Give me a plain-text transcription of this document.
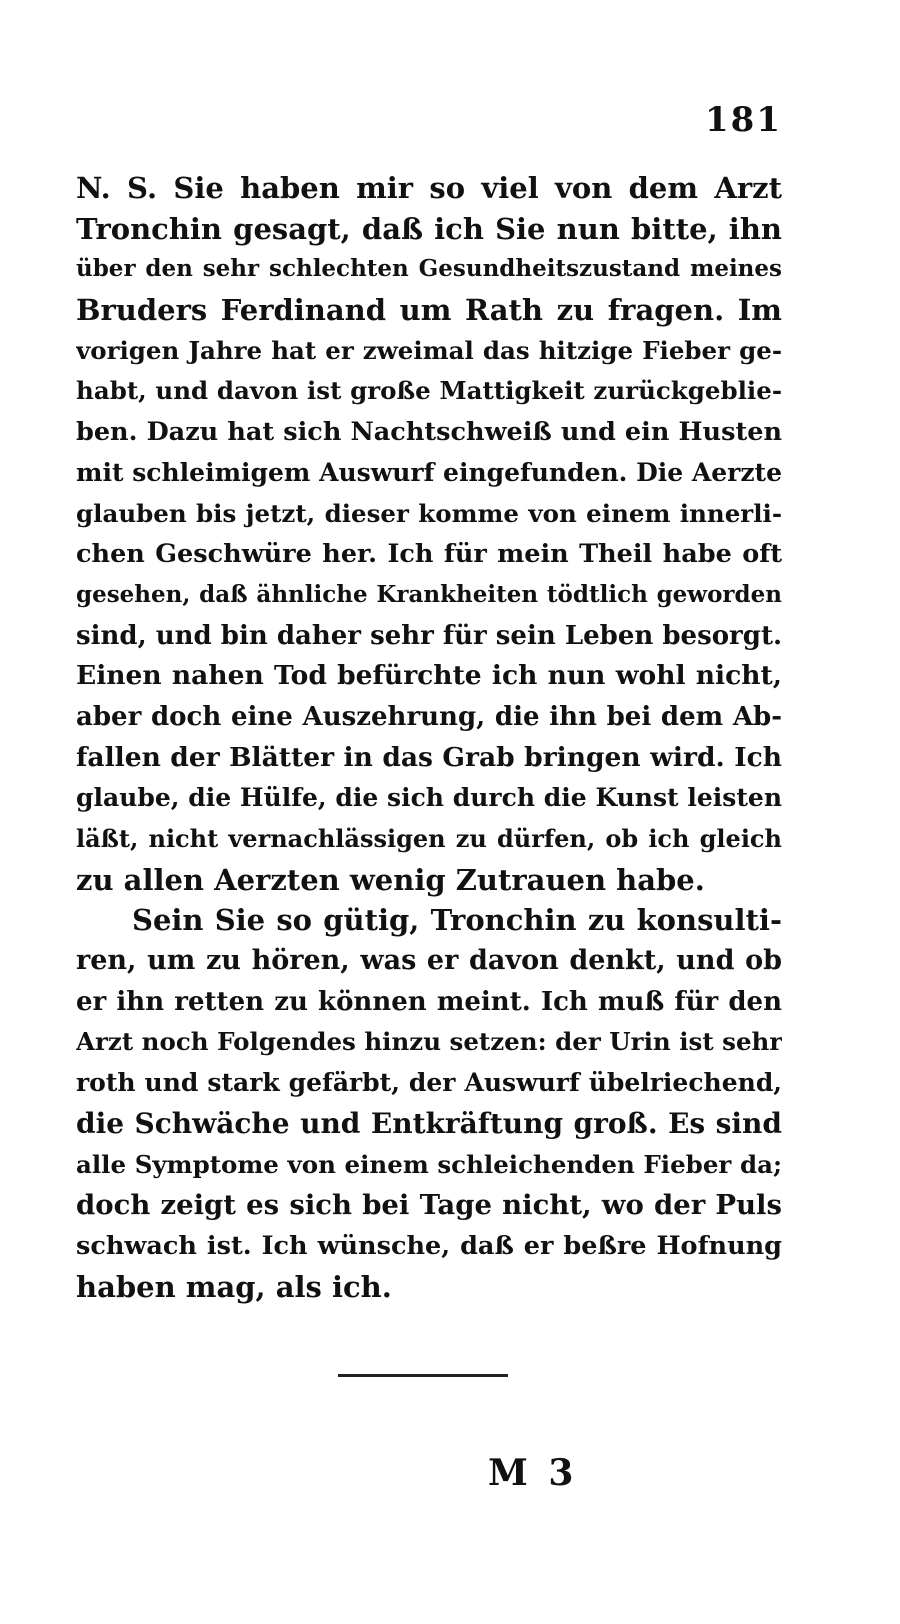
181
N. S. Sie haben mir so viel von dem Arzt
Tronchin gesagt, daß ich Sie nun bitte, ihn
über den sehr schlechten Gesundheitszustand meines
Bruders Ferdinand um Rath zu fragen. Im
vorigen Jahre hat er zweimal das hitzige Fieber ge-
habt, und davon ist große Mattigkeit zurückgeblie-
ben. Dazu hat sich Nachtschweiß und ein Husten
mit schleimigem Auswurf eingefunden. Die Aerzte
glauben bis jetzt, dieser komme von einem innerli-
chen Geschwüre her. Ich für mein Theil habe oft
gesehen, daß ähnliche Krankheiten tödtlich geworden
sind, und bin daher sehr für sein Leben besorgt.
Einen nahen Tod befürchte ich nun wohl nicht,
aber doch eine Auszehrung, die ihn bei dem Ab-
fallen der Blätter in das Grab bringen wird. Ich
glaube, die Hülfe, die sich durch die Kunst leisten
läßt, nicht vernachlässigen zu dürfen, ob ich gleich
zu allen Aerzten wenig Zutrauen habe.
Sein Sie so gütig, Tronchin zu konsulti-
ren, um zu hören, was er davon denkt, und ob
er ihn retten zu können meint. Ich muß für den
Arzt noch Folgendes hinzu setzen: der Urin ist sehr
roth und stark gefärbt, der Auswurf übelriechend,
die Schwäche und Entkräftung groß. Es sind
alle Symptome von einem schleichenden Fieber da;
doch zeigt es sich bei Tage nicht, wo der Puls
schwach ist. Ich wünsche, daß er beßre Hofnung
haben mag, als ich.
M 3
